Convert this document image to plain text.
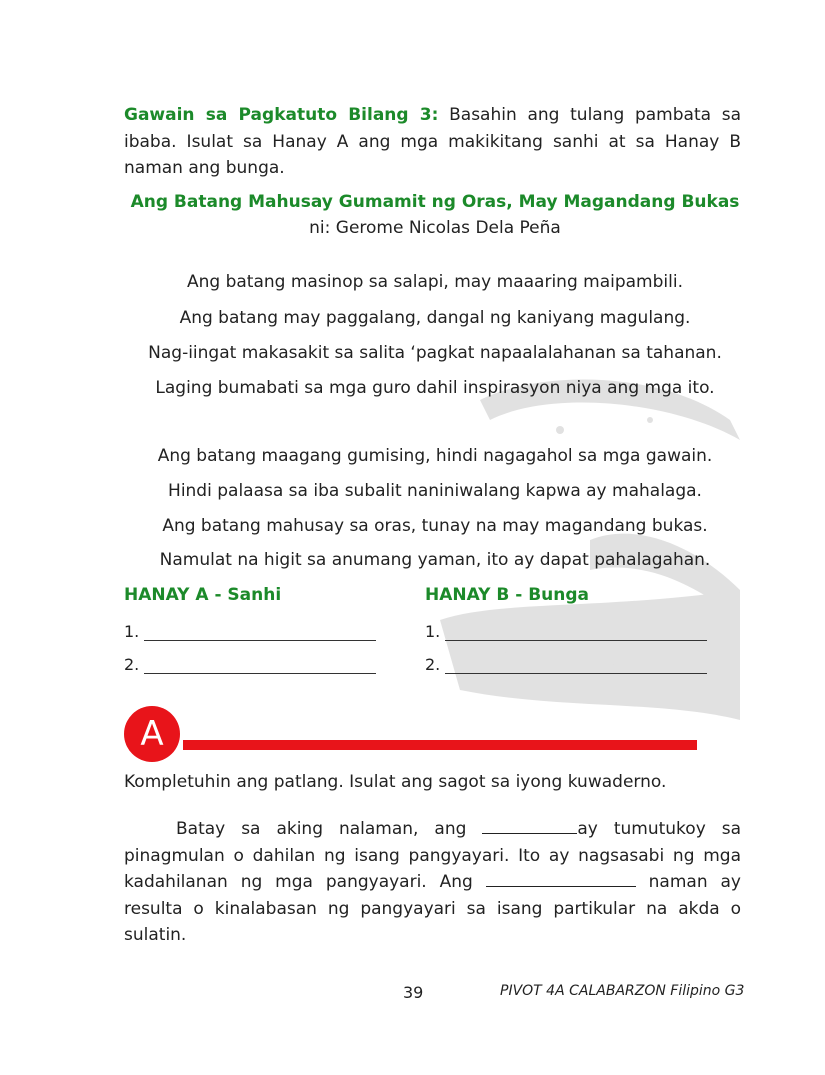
Gawain sa Pagkatuto Bilang 3: Basahin ang tulang pambata sa ibaba. Isulat sa Hanay A ang mga makikitang sanhi at sa Hanay B naman ang bunga.
Ang Batang Mahusay Gumamit ng Oras, May Magandang Bukas
ni: Gerome Nicolas Dela Peña
Ang batang masinop sa salapi, may maaaring maipambili.
Ang batang may paggalang, dangal ng kaniyang magulang.
Nag-iingat makasakit sa salita ‘pagkat napaalalahanan sa tahanan.
Laging bumabati sa mga guro dahil inspirasyon niya ang mga ito.
Ang batang maagang gumising, hindi nagagahol sa mga gawain.
Hindi palaasa sa iba subalit naniniwalang kapwa ay mahalaga.
Ang batang mahusay sa oras, tunay na may magandang bukas.
Namulat na higit sa anumang yaman, ito ay dapat pahalagahan.
HANAY A - Sanhi	HANAY B - Bunga
1.	1.
2.	2.
A
Kompletuhin ang patlang. Isulat ang sagot sa iyong kuwaderno.
Batay sa aking nalaman, ang	ay tumutukoy sa pinagmulan o dahilan ng isang pangyayari. Ito ay nagsasabi ng mga kadahilanan ng mga pangyayari. Ang	naman ay resulta o kinalabasan ng pangyayari sa isang partikular na akda o sulatin.
39	PIVOT 4A CALABARZON Filipino G3
